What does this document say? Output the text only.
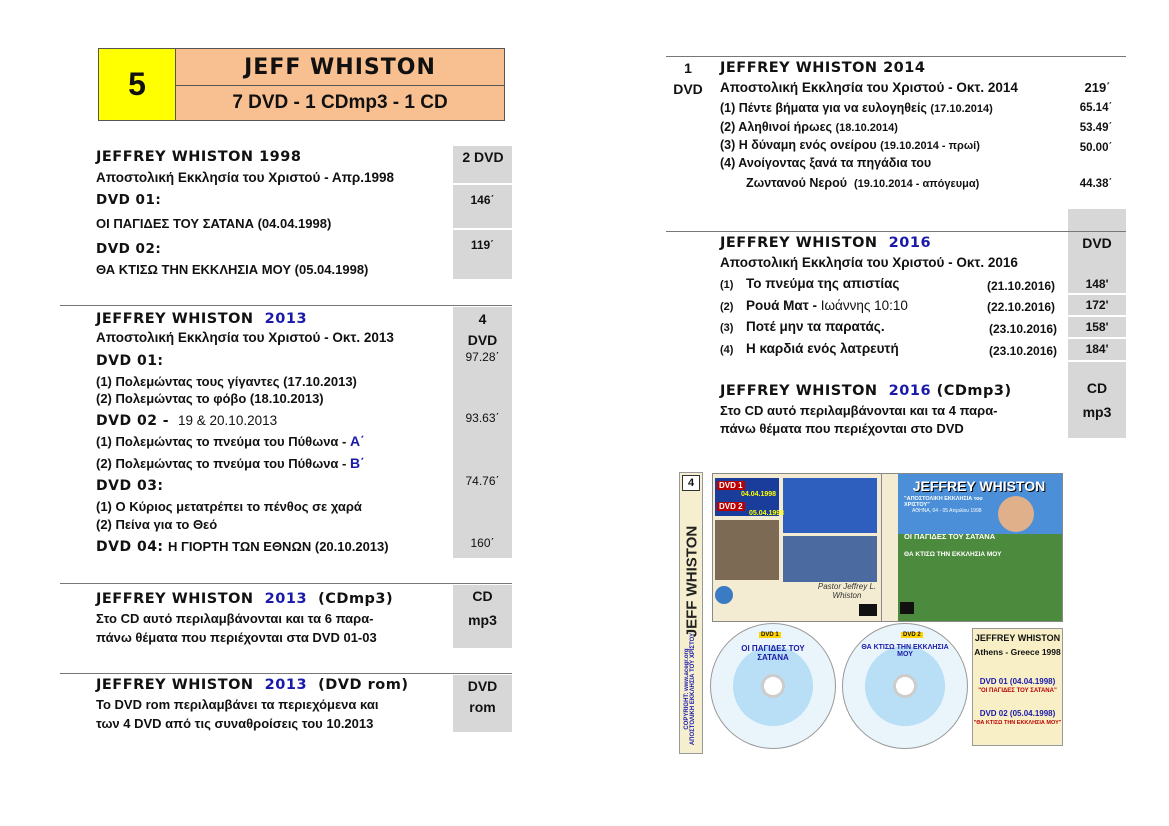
5	JEFF WHISTON
7 DVD - 1 CDmp3 - 1 CD
JEFFREY WHISTON 1998	2 DVD
Αποστολική Εκκλησία του Χριστού - Απρ.1998
DVD 01:	146΄
ΟΙ ΠΑΓΙΔΕΣ ΤΟΥ ΣΑΤΑΝΑ (04.04.1998)
DVD 02:	119΄
ΘΑ ΚΤΙΣΩ ΤΗΝ ΕΚΚΛΗΣΙΑ ΜΟΥ (05.04.1998)
JEFFREY WHISTON 2013	4
DVD
Αποστολική Εκκλησία του Χριστού - Οκτ. 2013
DVD 01:	97.28΄
(1) Πολεμώντας τους γίγαντες (17.10.2013)
(2) Πολεμώντας το φόβο (18.10.2013)
DVD 02 - 19 & 20.10.2013	93.63΄
(1) Πολεμώντας το πνεύμα του Πύθωνα - Α΄
(2) Πολεμώντας το πνεύμα του Πύθωνα - Β΄
DVD 03:	74.76΄
(1) Ο Κύριος μετατρέπει το πένθος σε χαρά
(2) Πείνα για το Θεό
DVD 04: Η ΓΙΟΡΤΗ ΤΩΝ ΕΘΝΩΝ (20.10.2013)	160΄
JEFFREY WHISTON 2013 (CDmp3)	CD
mp3
Στο CD αυτό περιλαμβάνονται και τα 6 παρα-
πάνω θέματα που περιέχονται στα DVD 01-03
JEFFREY WHISTON 2013 (DVD rom)	DVD
rom
Το DVD rom περιλαμβάνει τα περιεχόμενα και
των 4 DVD από τις συναθροίσεις του 10.2013
1
DVD
JEFFREY WHISTON 2014
Αποστολική Εκκλησία του Χριστού - Οκτ. 2014	219΄
(1) Πέντε βήματα για να ευλογηθείς (17.10.2014)	65.14΄
(2) Αληθινοί ήρωες (18.10.2014)	53.49΄
(3) Η δύναμη ενός ονείρου (19.10.2014 - πρωί)	50.00΄
(4) Ανοίγοντας ξανά τα πηγάδια του
Ζωντανού Νερού (19.10.2014 - απόγευμα)	44.38΄
JEFFREY WHISTON 2016	DVD
Αποστολική Εκκλησία του Χριστού - Οκτ. 2016
(1) Το πνεύμα της απιστίας	(21.10.2016)	148'
(2) Ρουά Ματ - Ιωάννης 10:10	(22.10.2016)	172'
(3) Ποτέ μην τα παρατάς.	(23.10.2016)	158'
(4) Η καρδιά ενός λατρευτή	(23.10.2016)	184'
JEFFREY WHISTON 2016 (CDmp3)	CD
mp3
Στο CD αυτό περιλαμβάνονται και τα 4 παρα-
πάνω θέματα που περιέχονται στο DVD
4
JEFF WHISTON
COPYRIGHT: www.acegr.org ΑΠΟΣΤΟΛΙΚΗ ΕΚΚΛΗΣΙΑ ΤΟΥ ΧΡΙΣΤΟΥ
DVD 1
04.04.1998
DVD 2
05.04.1998
Pastor Jeffrey L. Whiston
JEFFREY WHISTON
"ΑΠΟΣΤΟΛΙΚΗ ΕΚΚΛΗΣΙΑ του ΧΡΙΣΤΟΥ"
ΑΘΗΝΑ, 04 - 05 Απριλίου 1998
ΟΙ ΠΑΓΙΔΕΣ ΤΟΥ ΣΑΤΑΝΑ
ΘΑ ΚΤΙΣΩ ΤΗΝ ΕΚΚΛΗΣΙΑ ΜΟΥ
DVD 1
ΟΙ ΠΑΓΙΔΕΣ ΤΟΥ ΣΑΤΑΝΑ
DVD 2
ΘΑ ΚΤΙΣΩ ΤΗΝ ΕΚΚΛΗΣΙΑ ΜΟΥ
JEFFREY WHISTON
Athens - Greece 1998
DVD 01 (04.04.1998)
"ΟΙ ΠΑΓΙΔΕΣ ΤΟΥ ΣΑΤΑΝΑ"
DVD 02 (05.04.1998)
"ΘΑ ΚΤΙΣΩ ΤΗΝ ΕΚΚΛΗΣΙΑ ΜΟΥ"
